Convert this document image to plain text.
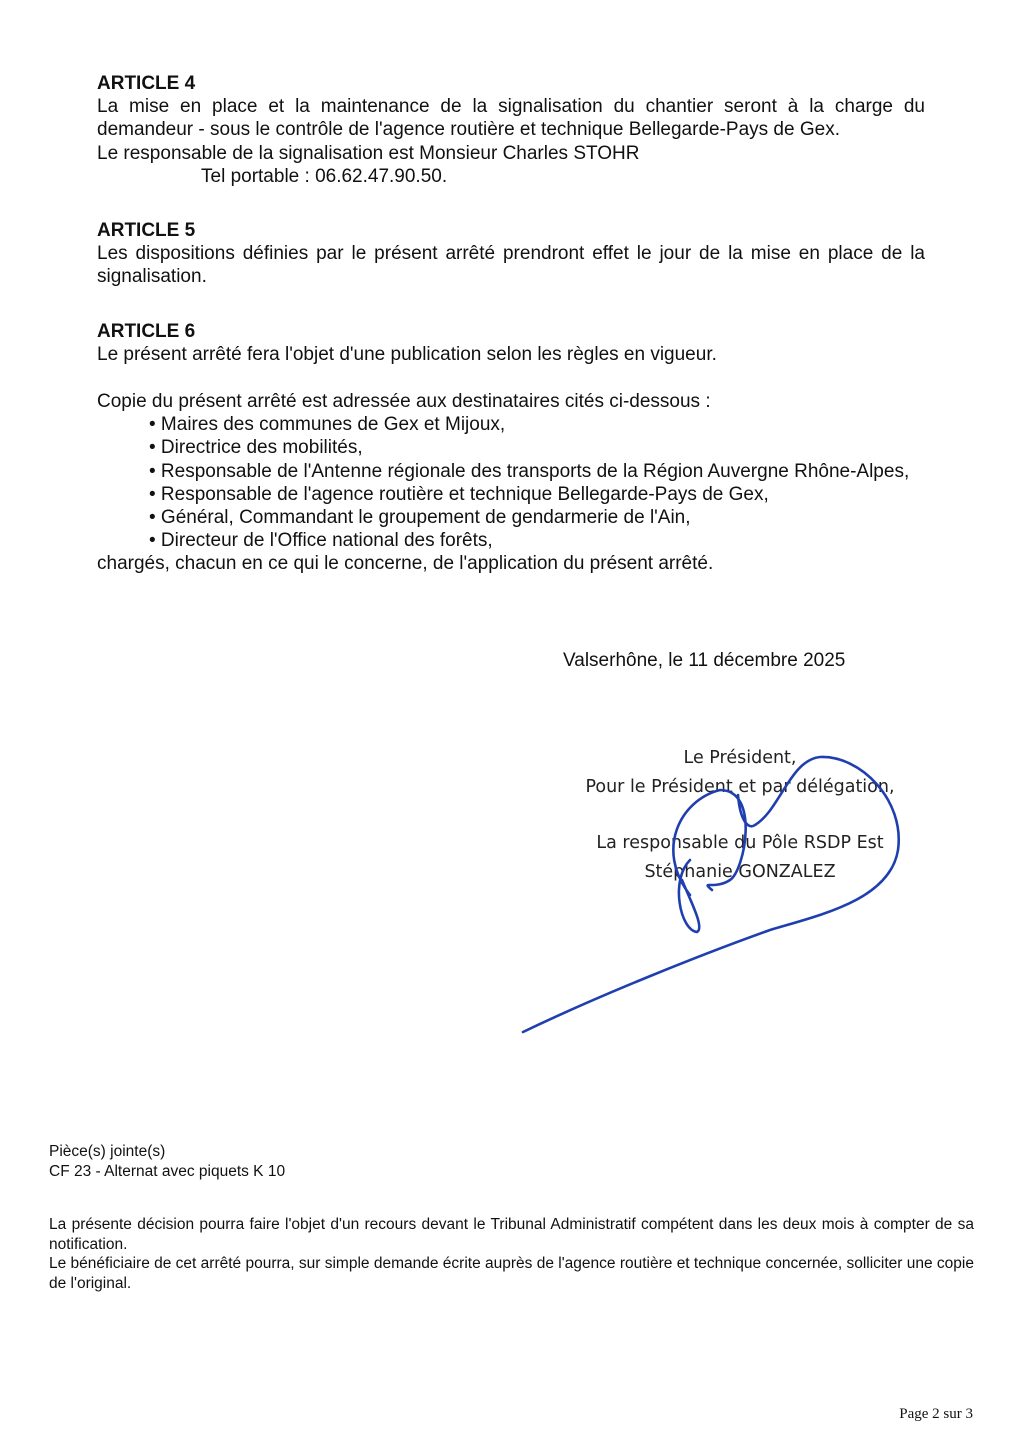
ARTICLE 4
La mise en place et la maintenance de la signalisation du chantier seront à la charge du demandeur - sous le contrôle de l'agence routière et technique Bellegarde-Pays de Gex.
Le responsable de la signalisation est Monsieur Charles STOHR
Tel portable : 06.62.47.90.50.
ARTICLE 5
Les dispositions définies par le présent arrêté prendront effet le jour de la mise en place de la signalisation.
ARTICLE 6
Le présent arrêté fera l'objet d'une publication selon les règles en vigueur.
Copie du présent arrêté est adressée aux destinataires cités ci-dessous :
• Maires des communes de Gex et Mijoux,
• Directrice des mobilités,
• Responsable de l'Antenne régionale des transports de la Région Auvergne Rhône-Alpes,
• Responsable de l'agence routière et technique Bellegarde-Pays de Gex,
• Général, Commandant le groupement de gendarmerie de l'Ain,
• Directeur de l'Office national des forêts,
chargés, chacun en ce qui le concerne, de l'application du présent arrêté.
Valserhône, le 11 décembre 2025
Le Président,
Pour le Président et par délégation,
La responsable du Pôle RSDP Est
Stéphanie GONZALEZ
Pièce(s) jointe(s)
CF 23 - Alternat avec piquets K 10
La présente décision pourra faire l'objet d'un recours devant le Tribunal Administratif compétent dans les deux mois à compter de sa notification.
Le bénéficiaire de cet arrêté pourra, sur simple demande écrite auprès de l'agence routière et technique concernée, solliciter une copie de l'original.
Page 2 sur 3
